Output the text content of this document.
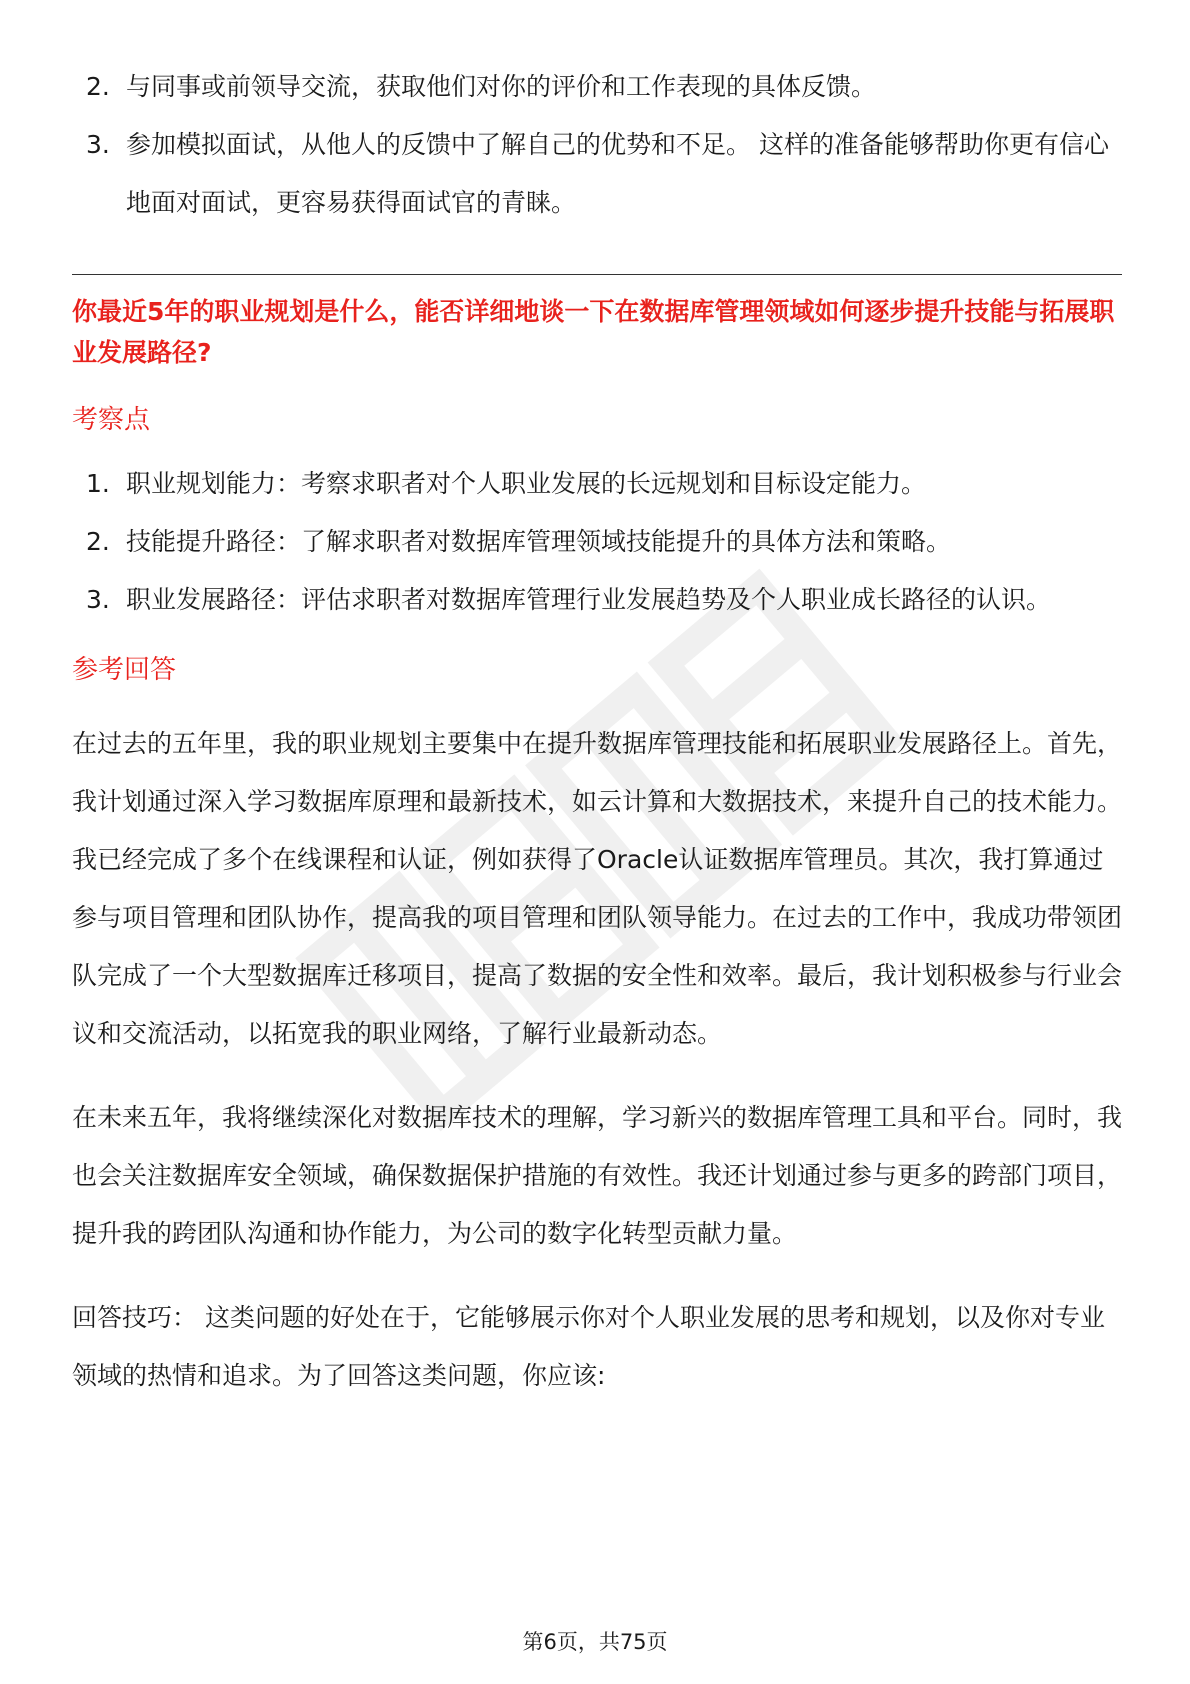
2. 与同事或前领导交流，获取他们对你的评价和工作表现的具体反馈。
3. 参加模拟面试，从他人的反馈中了解自己的优势和不足。 这样的准备能够帮助你更有信心地面对面试，更容易获得面试官的青睐。
你最近5年的职业规划是什么，能否详细地谈一下在数据库管理领域如何逐步提升技能与拓展职业发展路径?
考察点
1. 职业规划能力：考察求职者对个人职业发展的长远规划和目标设定能力。
2. 技能提升路径：了解求职者对数据库管理领域技能提升的具体方法和策略。
3. 职业发展路径：评估求职者对数据库管理行业发展趋势及个人职业成长路径的认识。
参考回答

在过去的五年里，我的职业规划主要集中在提升数据库管理技能和拓展职业发展路径上。首先，我计划通过深入学习数据库原理和最新技术，如云计算和大数据技术，来提升自己的技术能力。我已经完成了多个在线课程和认证，例如获得了Oracle认证数据库管理员。其次，我打算通过参与项目管理和团队协作，提高我的项目管理和团队领导能力。在过去的工作中，我成功带领团队完成了一个大型数据库迁移项目，提高了数据的安全性和效率。最后，我计划积极参与行业会议和交流活动，以拓宽我的职业网络，了解行业最新动态。

在未来五年，我将继续深化对数据库技术的理解，学习新兴的数据库管理工具和平台。同时，我也会关注数据库安全领域，确保数据保护措施的有效性。我还计划通过参与更多的跨部门项目，提升我的跨团队沟通和协作能力，为公司的数字化转型贡献力量。

回答技巧： 这类问题的好处在于，它能够展示你对个人职业发展的思考和规划，以及你对专业领域的热情和追求。为了回答这类问题，你应该:

第6页，共75页
